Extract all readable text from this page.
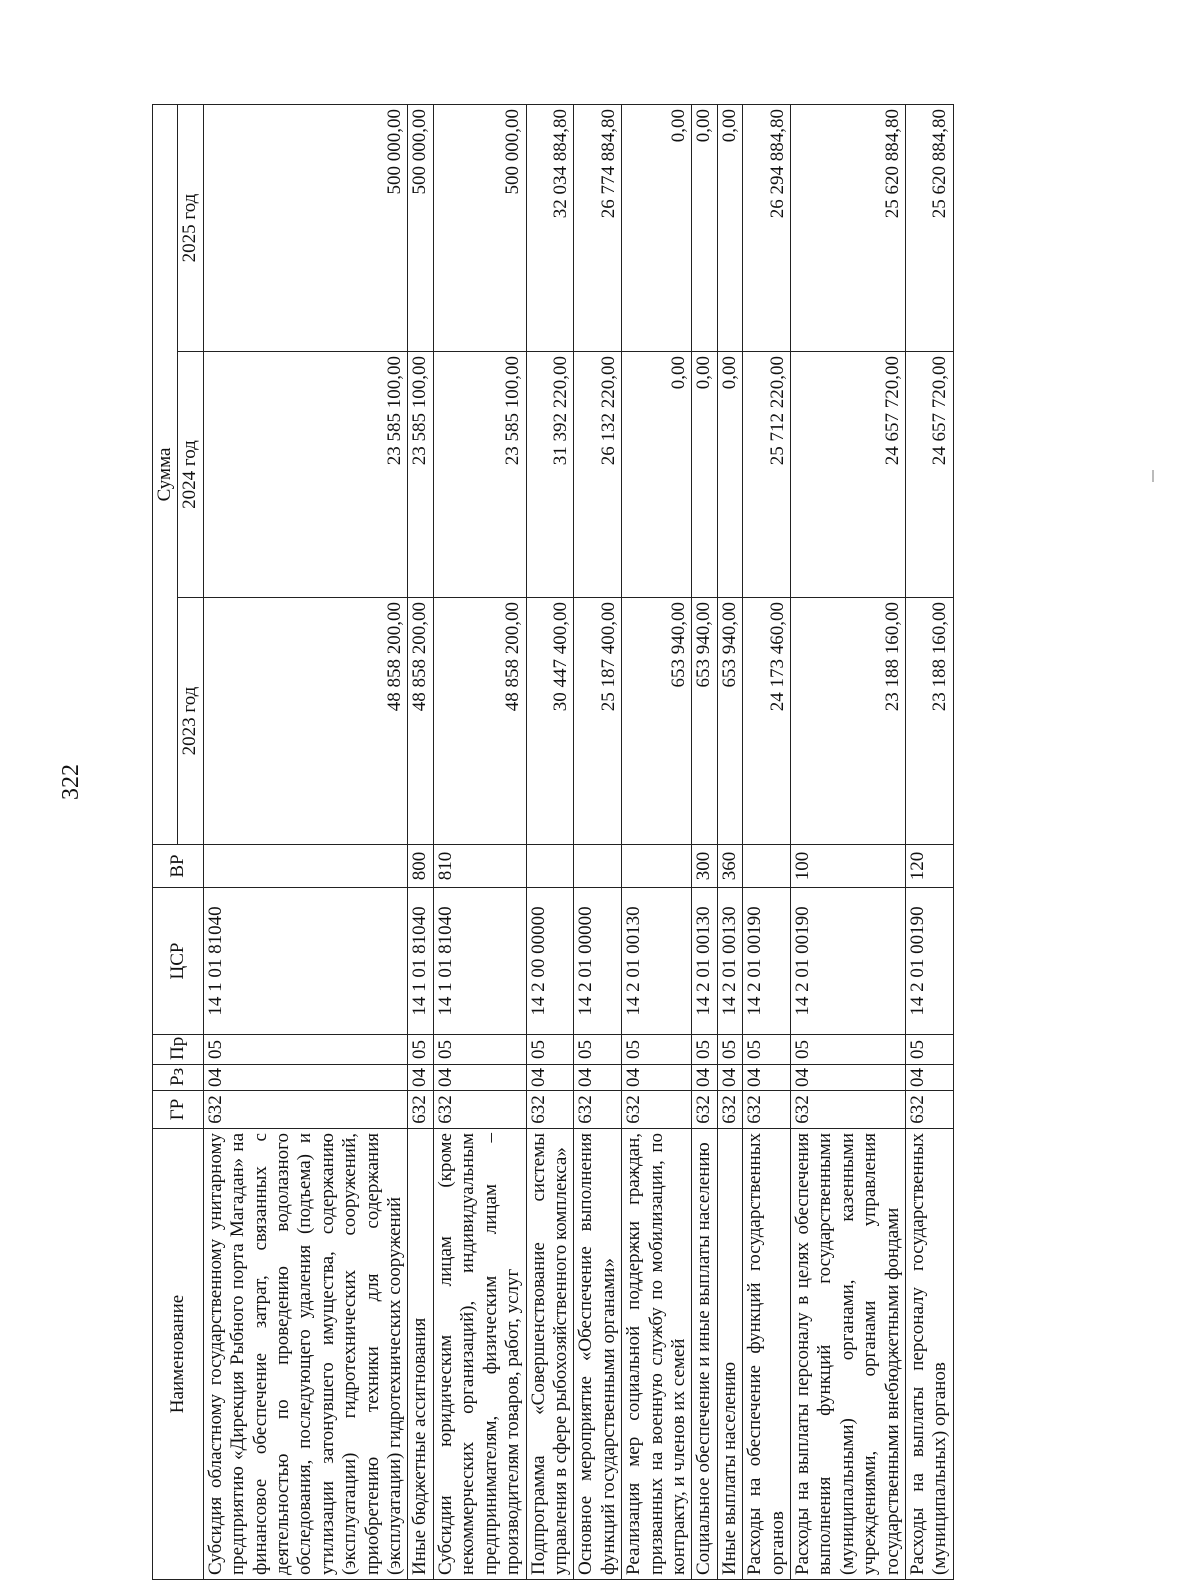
322
Наименование	ГР	Рз	Пр	ЦСР	ВР	Сумма		
						2023 год	2024 год	2025 год
Субсидия областному государственному унитарному предприятию «Дирекция Рыбного порта Магадан» на финансовое обеспечение затрат, связанных с деятельностью по проведению водолазного обследования, последующего удаления (подъема) и утилизации затонувшего имущества, содержанию (эксплуатации) гидротехнических сооружений, приобретению техники для содержания (эксплуатации) гидротехнических сооружений	632	04	05	14 1 01 81040		48 858 200,00	23 585 100,00	500 000,00
Иные бюджетные ассигнования	632	04	05	14 1 01 81040	800	48 858 200,00	23 585 100,00	500 000,00
Субсидии юридическим лицам (кроме некоммерческих организаций), индивидуальным предпринимателям, физическим лицам – производителям товаров, работ, услуг	632	04	05	14 1 01 81040	810	48 858 200,00	23 585 100,00	500 000,00
Подпрограмма «Совершенствование системы управления в сфере рыбохозяйственного комплекса»	632	04	05	14 2 00 00000		30 447 400,00	31 392 220,00	32 034 884,80
Основное мероприятие «Обеспечение выполнения функций государственными органами»	632	04	05	14 2 01 00000		25 187 400,00	26 132 220,00	26 774 884,80
Реализация мер социальной поддержки граждан, призванных на военную службу по мобилизации, по контракту, и членов их семей	632	04	05	14 2 01 00130		653 940,00	0,00	0,00
Социальное обеспечение и иные выплаты населению	632	04	05	14 2 01 00130	300	653 940,00	0,00	0,00
Иные выплаты населению	632	04	05	14 2 01 00130	360	653 940,00	0,00	0,00
Расходы на обеспечение функций государственных органов	632	04	05	14 2 01 00190		24 173 460,00	25 712 220,00	26 294 884,80
Расходы на выплаты персоналу в целях обеспечения выполнения функций государственными (муниципальными) органами, казенными учреждениями, органами управления государственными внебюджетными фондами	632	04	05	14 2 01 00190	100	23 188 160,00	24 657 720,00	25 620 884,80
Расходы на выплаты персоналу государственных (муниципальных) органов	632	04	05	14 2 01 00190	120	23 188 160,00	24 657 720,00	25 620 884,80
